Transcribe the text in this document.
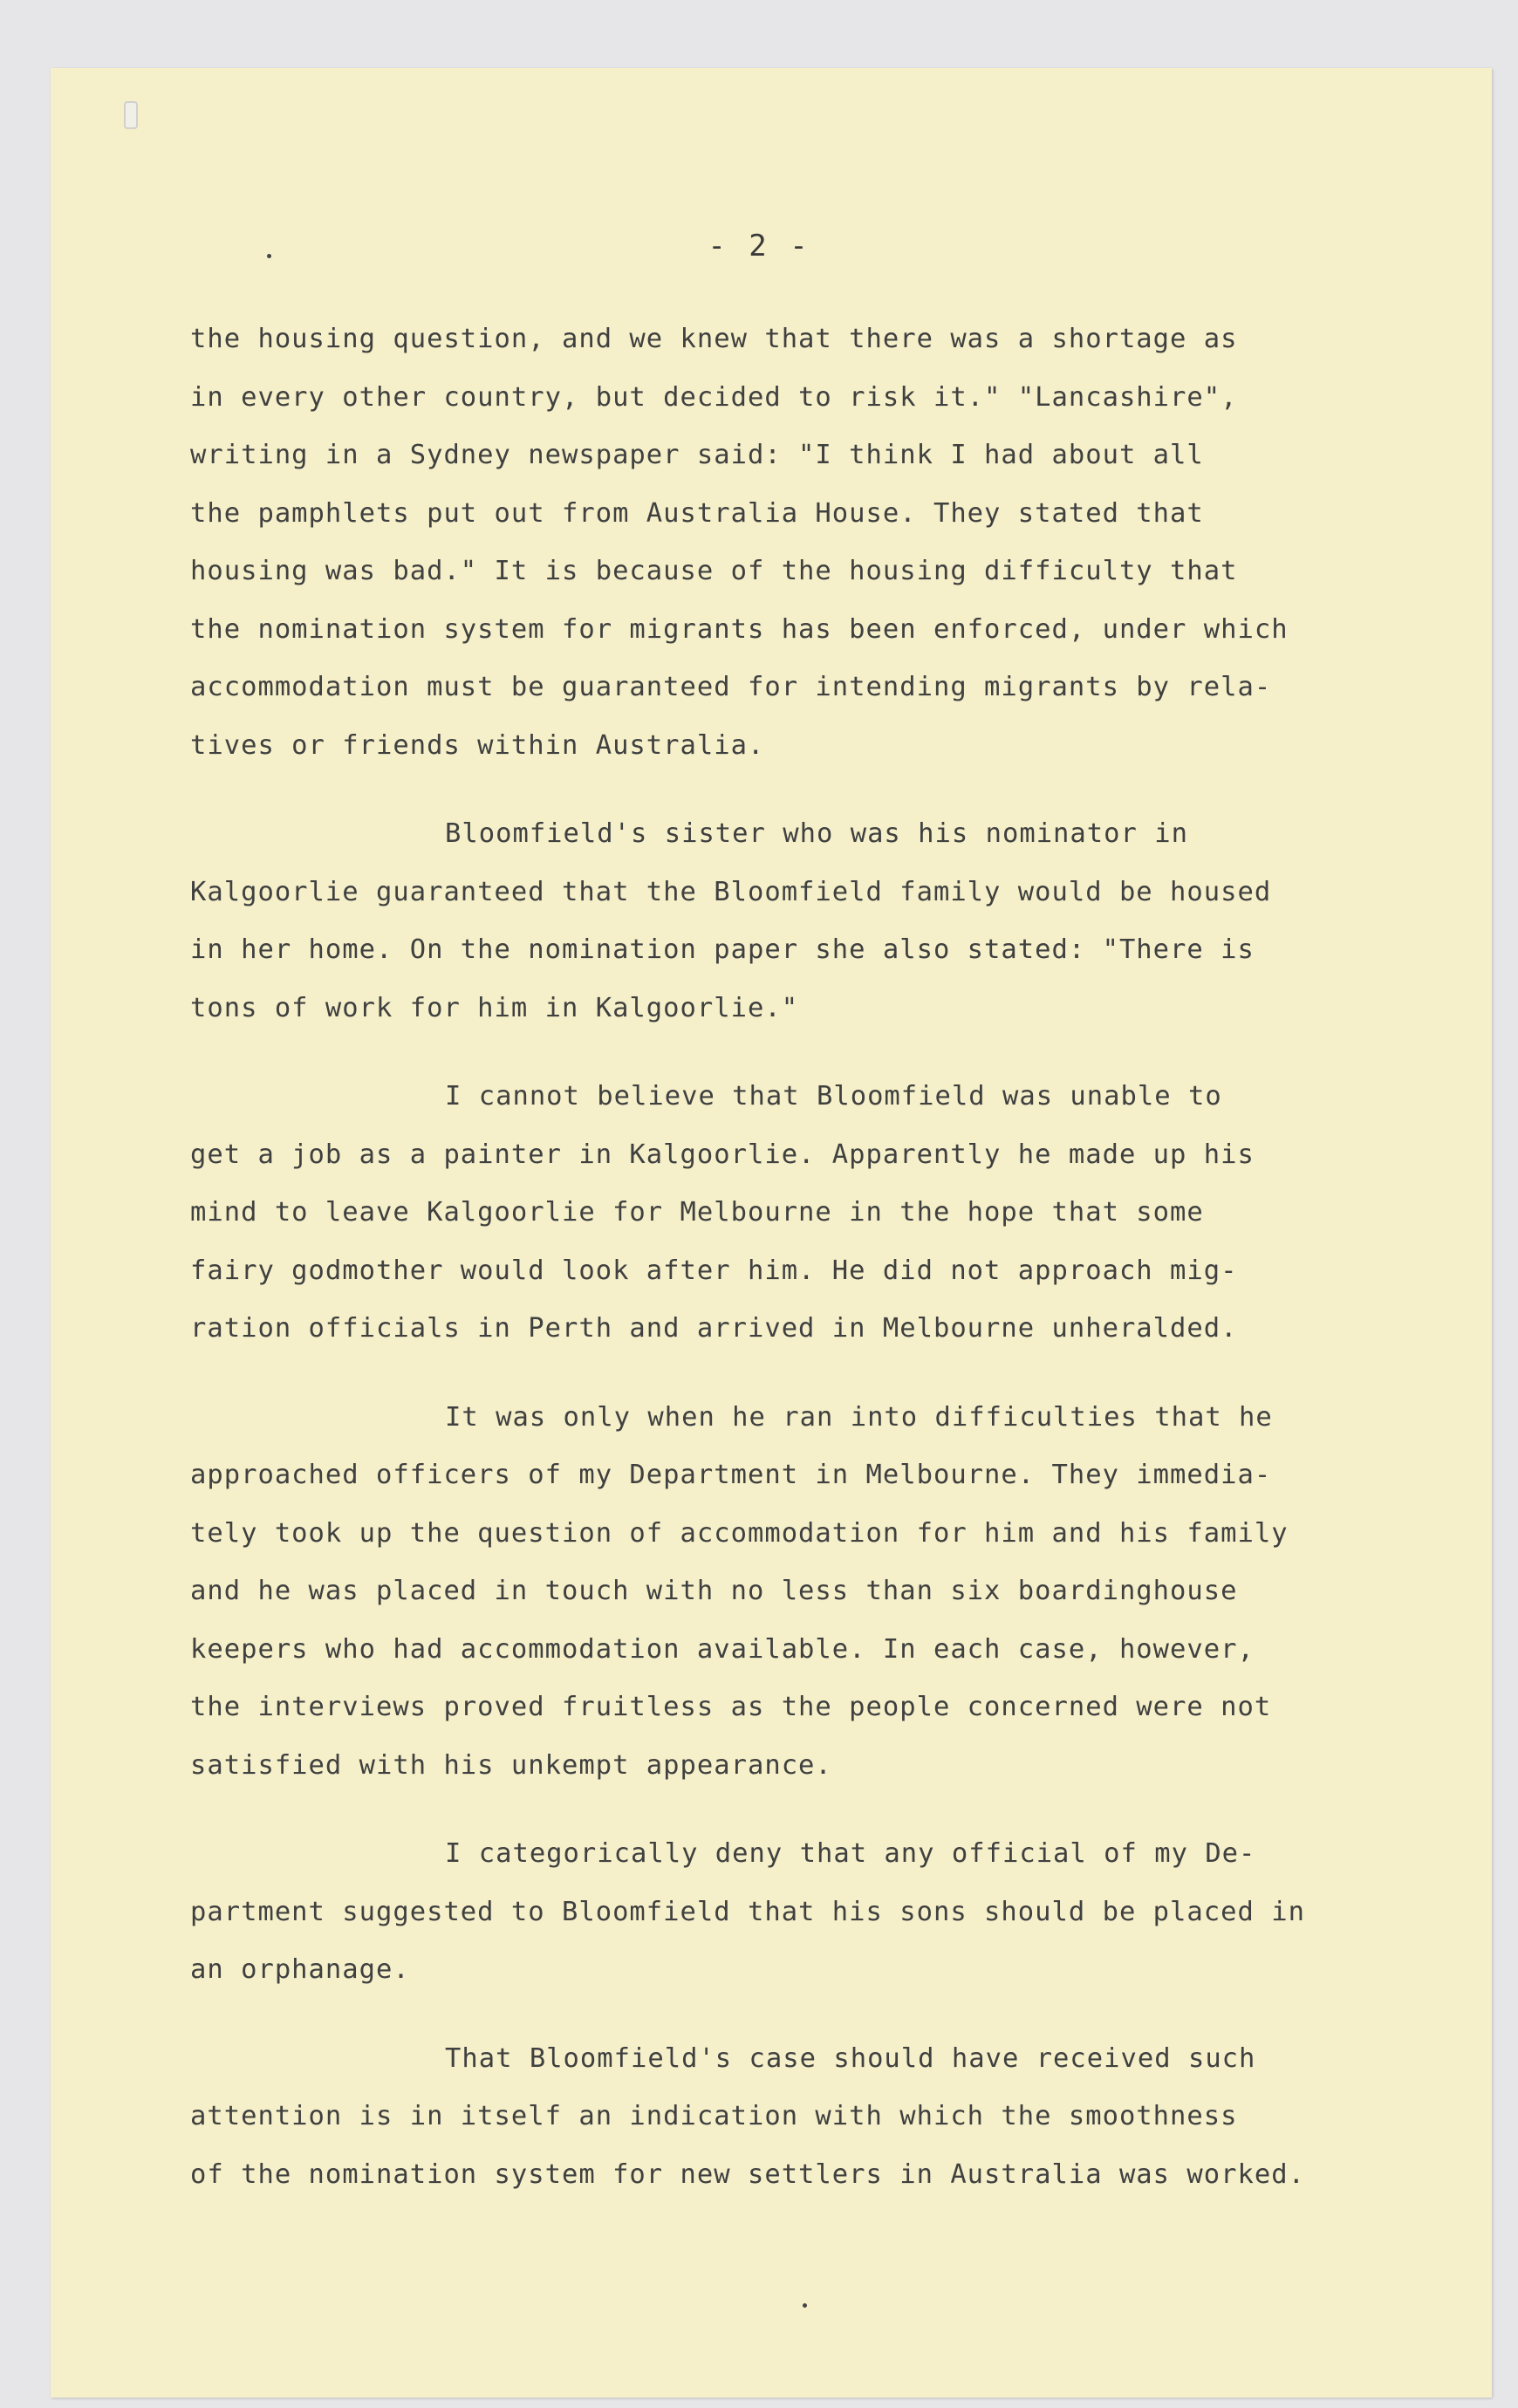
- 2 -

the housing question, and we knew that there was a shortage as
in every other country, but decided to risk it." "Lancashire",
writing in a Sydney newspaper said: "I think I had about all
the pamphlets put out from Australia House. They stated that
housing was bad." It is because of the housing difficulty that
the nomination system for migrants has been enforced, under which
accommodation must be guaranteed for intending migrants by rela-
tives or friends within Australia.

Bloomfield's sister who was his nominator in
Kalgoorlie guaranteed that the Bloomfield family would be housed
in her home. On the nomination paper she also stated: "There is
tons of work for him in Kalgoorlie."

I cannot believe that Bloomfield was unable to
get a job as a painter in Kalgoorlie. Apparently he made up his
mind to leave Kalgoorlie for Melbourne in the hope that some
fairy godmother would look after him. He did not approach mig-
ration officials in Perth and arrived in Melbourne unheralded.

It was only when he ran into difficulties that he
approached officers of my Department in Melbourne. They immedia-
tely took up the question of accommodation for him and his family
and he was placed in touch with no less than six boardinghouse
keepers who had accommodation available. In each case, however,
the interviews proved fruitless as the people concerned were not
satisfied with his unkempt appearance.

I categorically deny that any official of my De-
partment suggested to Bloomfield that his sons should be placed in
an orphanage.

That Bloomfield's case should have received such
attention is in itself an indication with which the smoothness
of the nomination system for new settlers in Australia was worked.
